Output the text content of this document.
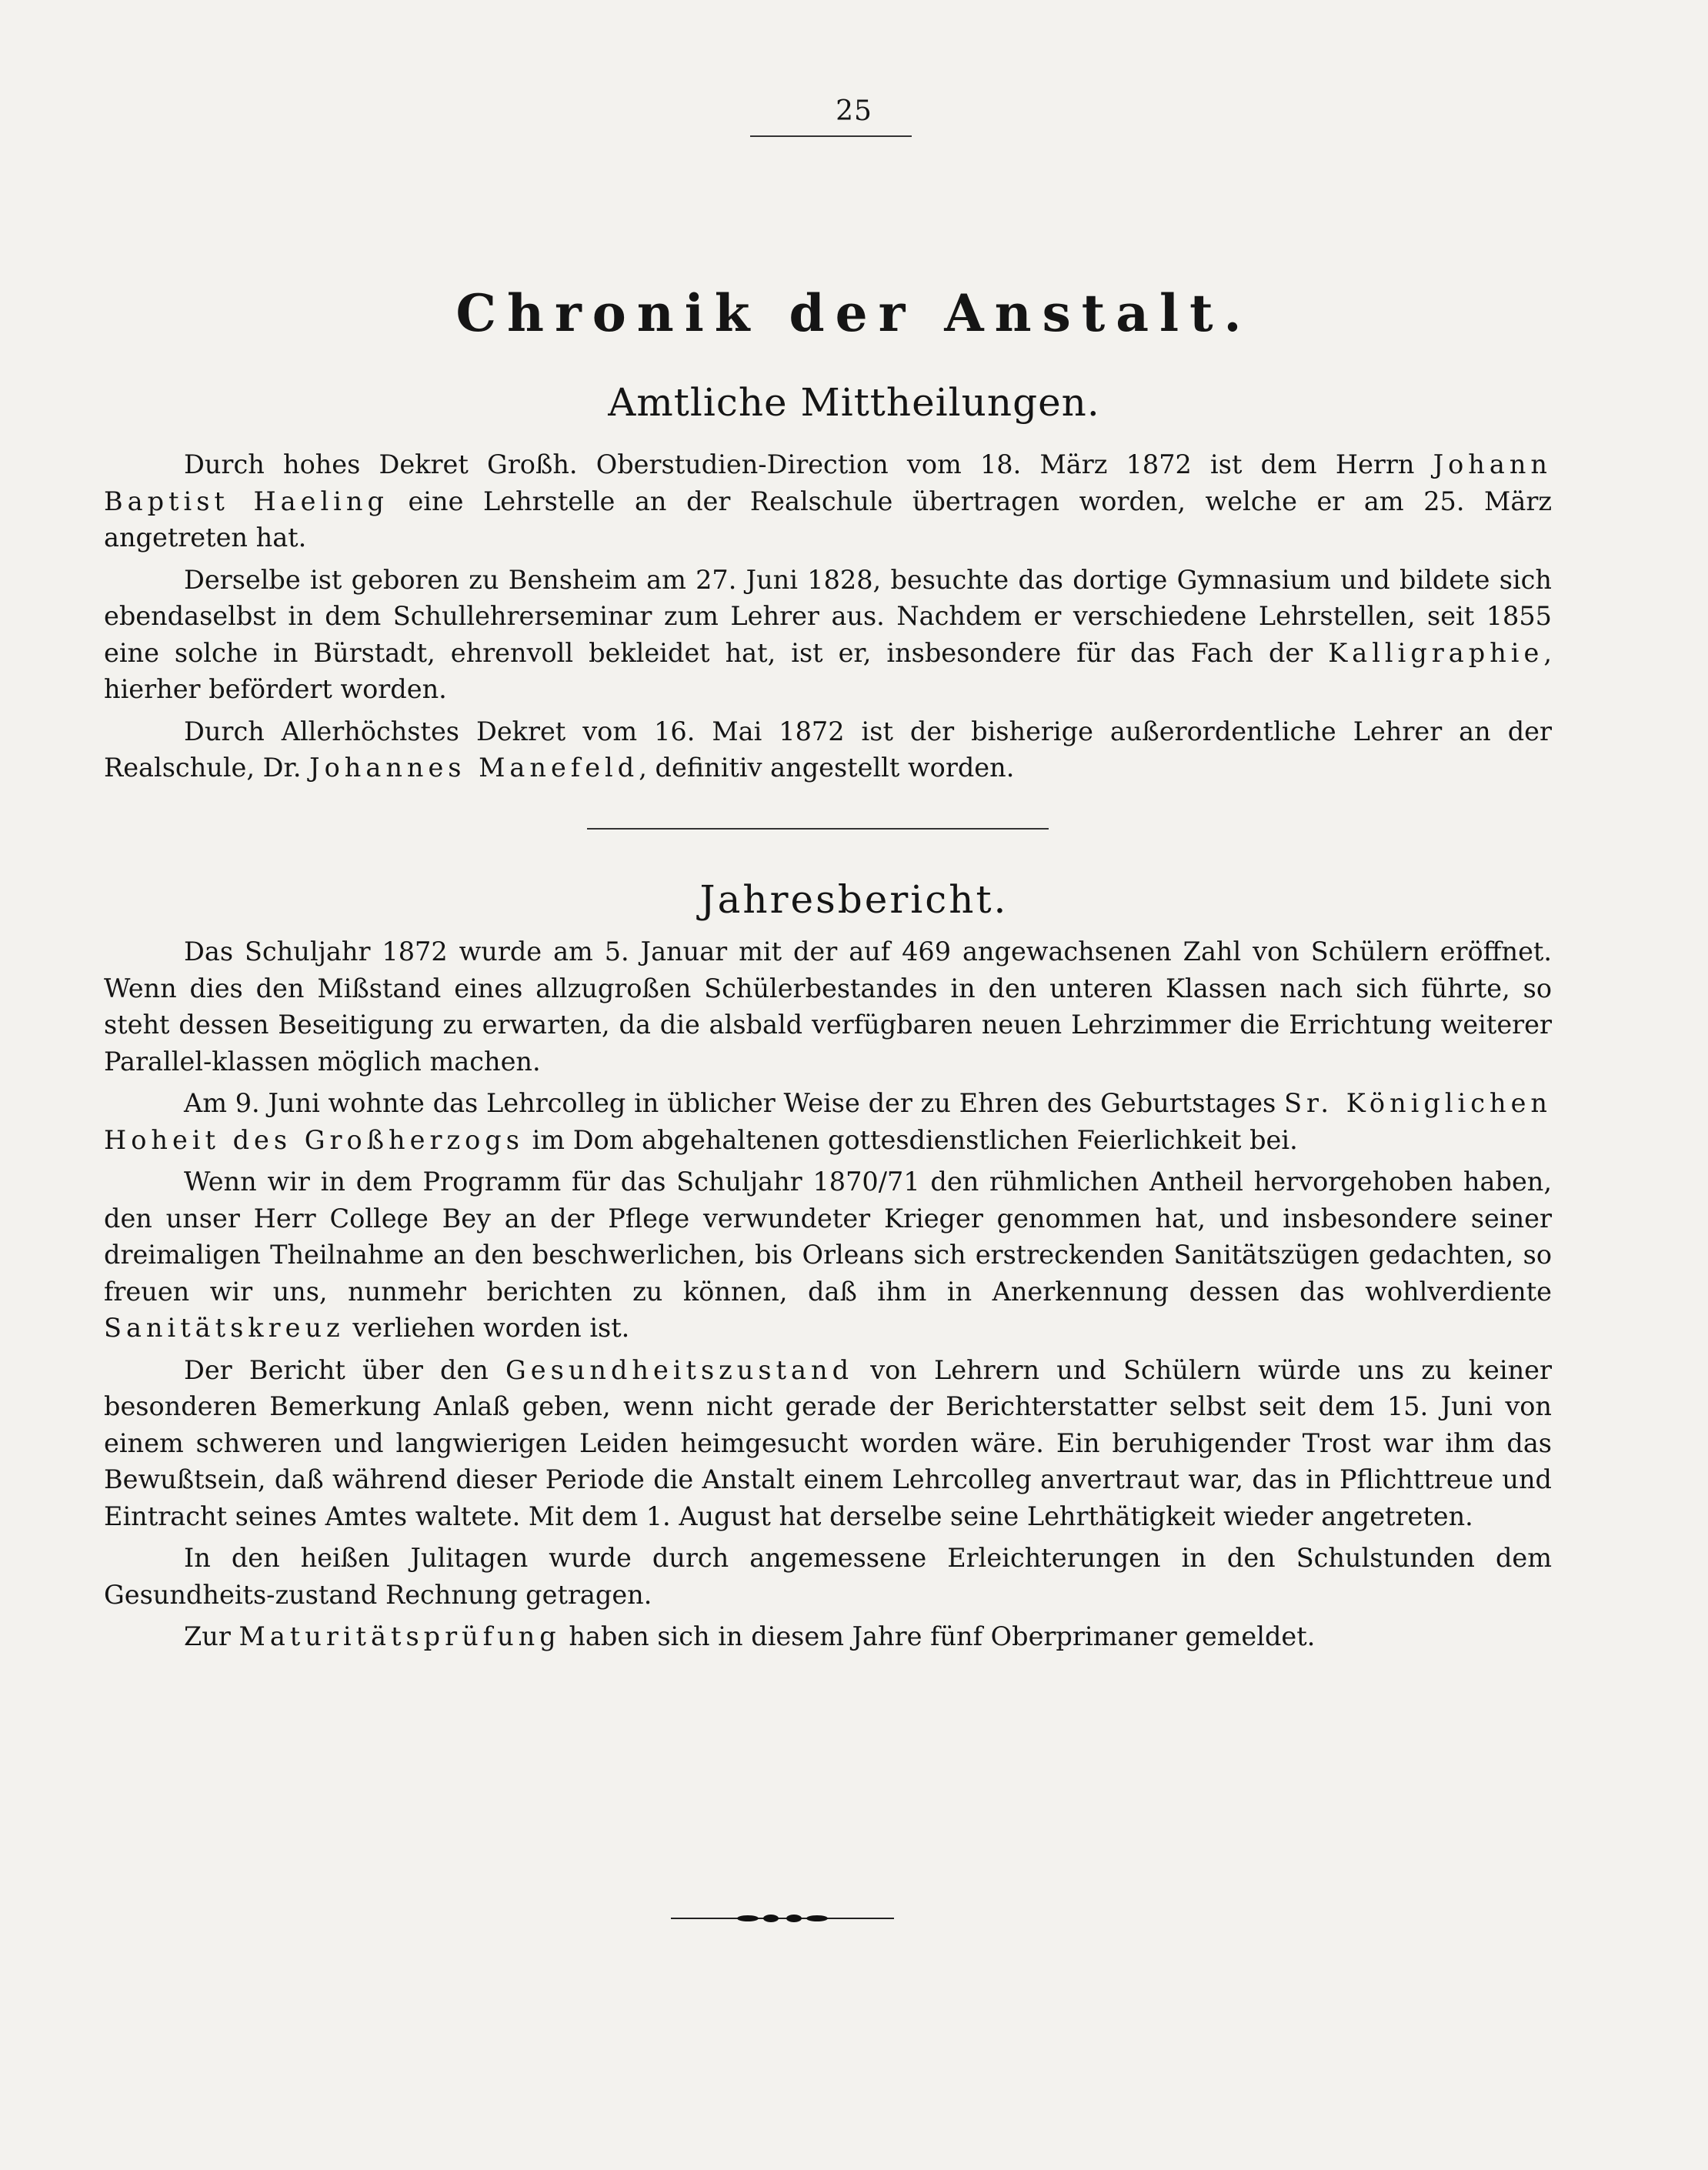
25
Chronik der Anstalt.
Amtliche Mittheilungen.

Durch hohes Dekret Großh. Oberstudien-Direction vom 18. März 1872 ist dem Herrn Johann Baptist Haeling eine Lehrstelle an der Realschule übertragen worden, welche er am 25. März angetreten hat.

Derselbe ist geboren zu Bensheim am 27. Juni 1828, besuchte das dortige Gymnasium und bildete sich ebendaselbst in dem Schullehrerseminar zum Lehrer aus. Nachdem er verschiedene Lehrstellen, seit 1855 eine solche in Bürstadt, ehrenvoll bekleidet hat, ist er, insbesondere für das Fach der Kalligraphie, hierher befördert worden.

Durch Allerhöchstes Dekret vom 16. Mai 1872 ist der bisherige außerordentliche Lehrer an der Realschule, Dr. Johannes Manefeld, definitiv angestellt worden.

Jahresbericht.

Das Schuljahr 1872 wurde am 5. Januar mit der auf 469 angewachsenen Zahl von Schülern eröffnet. Wenn dies den Mißstand eines allzugroßen Schülerbestandes in den unteren Klassen nach sich führte, so steht dessen Beseitigung zu erwarten, da die alsbald verfügbaren neuen Lehrzimmer die Errichtung weiterer Parallel-klassen möglich machen.

Am 9. Juni wohnte das Lehrcolleg in üblicher Weise der zu Ehren des Geburtstages Sr. Königlichen Hoheit des Großherzogs im Dom abgehaltenen gottesdienstlichen Feierlichkeit bei.

Wenn wir in dem Programm für das Schuljahr 1870/71 den rühmlichen Antheil hervorgehoben haben, den unser Herr College Bey an der Pflege verwundeter Krieger genommen hat, und insbesondere seiner dreimaligen Theilnahme an den beschwerlichen, bis Orleans sich erstreckenden Sanitätszügen gedachten, so freuen wir uns, nunmehr berichten zu können, daß ihm in Anerkennung dessen das wohlverdiente Sanitätskreuz verliehen worden ist.

Der Bericht über den Gesundheitszustand von Lehrern und Schülern würde uns zu keiner besonderen Bemerkung Anlaß geben, wenn nicht gerade der Berichterstatter selbst seit dem 15. Juni von einem schweren und langwierigen Leiden heimgesucht worden wäre. Ein beruhigender Trost war ihm das Bewußtsein, daß während dieser Periode die Anstalt einem Lehrcolleg anvertraut war, das in Pflichttreue und Eintracht seines Amtes waltete. Mit dem 1. August hat derselbe seine Lehrthätigkeit wieder angetreten.

In den heißen Julitagen wurde durch angemessene Erleichterungen in den Schulstunden dem Gesundheits-zustand Rechnung getragen.

Zur Maturitätsprüfung haben sich in diesem Jahre fünf Oberprimaner gemeldet.
